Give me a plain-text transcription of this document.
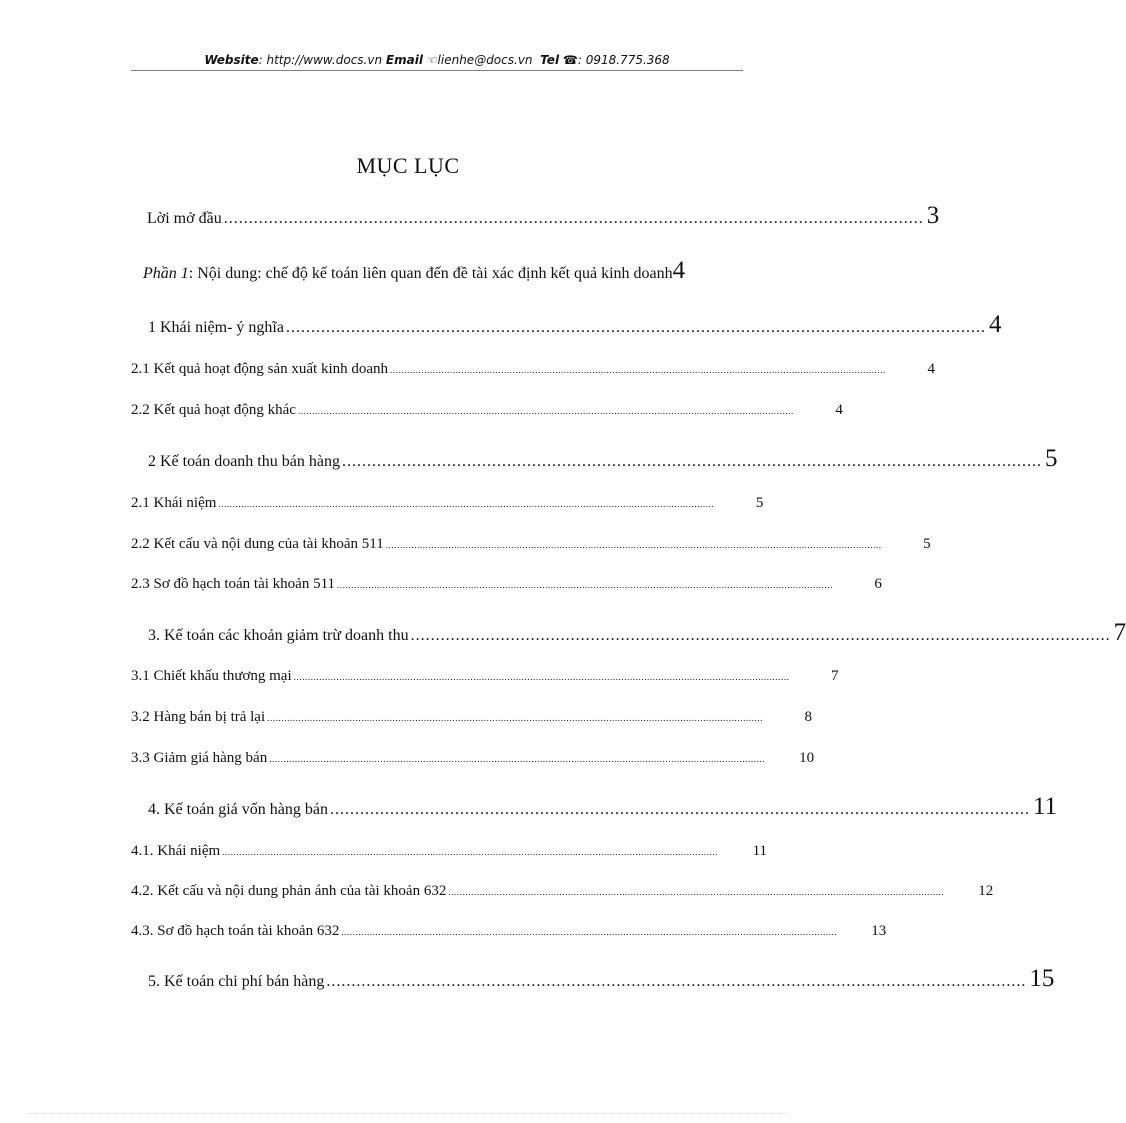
Website: http://www.docs.vn Email ☜lienhe@docs.vn Tel ☎: 0918.775.368
MỤC LỤC
Lời mở đầu ............................................................................................................................................ 3
Phần 1: Nội dung: chế độ kế toán liên quan đến đề tài xác định kết quả kinh doanh 4
1 Khái niệm- ý nghĩa ............................................................................................................................................ 4
2.1 Kết quả hoạt động sản xuất kinh doanh ..............................................................................................................................................................................	4
2.2 Kết quả hoạt động khác ..............................................................................................................................................................................	4
2 Kế toán doanh thu bán hàng ............................................................................................................................................ 5
2.1 Khái niệm ..............................................................................................................................................................................	5
2.2 Kết cấu và nội dung của tài khoản 511 ..............................................................................................................................................................................	5
2.3 Sơ đồ hạch toán tài khoản 511 ..............................................................................................................................................................................	6
3. Kế toán các khoản giảm trừ doanh thu ............................................................................................................................................ 7
3.1 Chiết khấu thương mại ..............................................................................................................................................................................	7
3.2 Hàng bán bị trả lại ..............................................................................................................................................................................	8
3.3 Giảm giá hàng bán ..............................................................................................................................................................................	10
4. Kế toán giá vốn hàng bán ............................................................................................................................................ 11
4.1. Khái niệm ..............................................................................................................................................................................	11
4.2. Kết cấu và nội dung phản ánh của tài khoản 632 ..............................................................................................................................................................................	12
4.3. Sơ đồ hạch toán tài khoản 632 ..............................................................................................................................................................................	13
5. Kế toán chi phí bán hàng ............................................................................................................................................ 15
